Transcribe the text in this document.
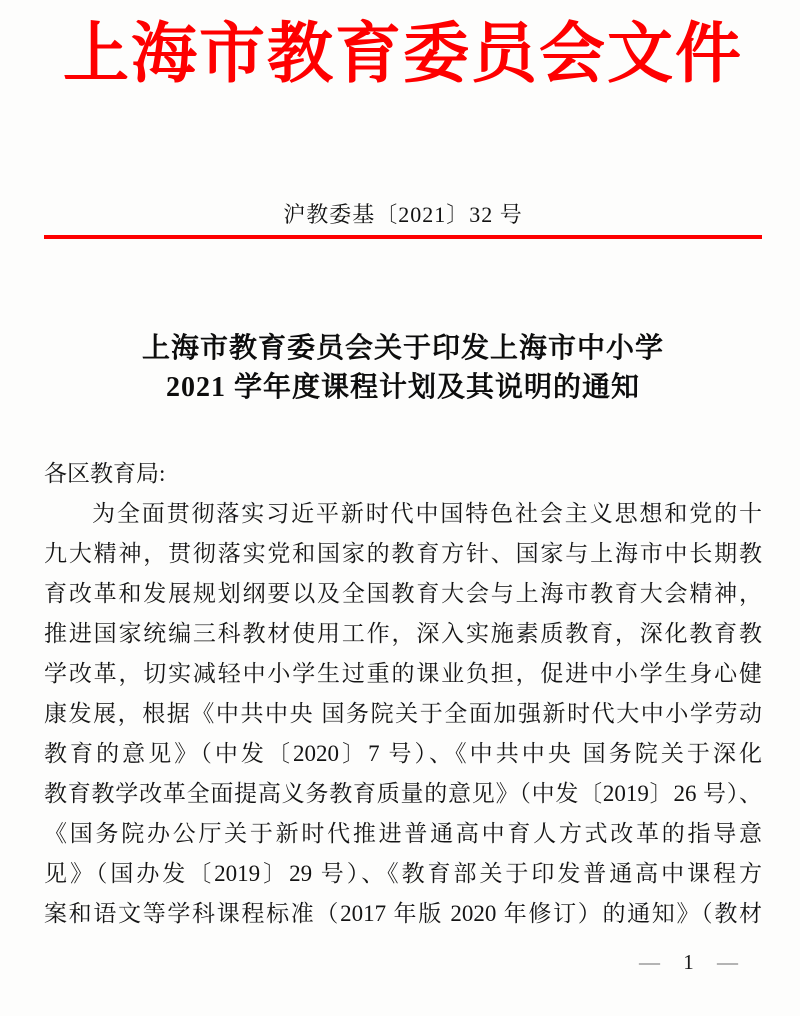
上海市教育委员会文件
沪教委基〔2021〕32 号
上海市教育委员会关于印发上海市中小学
2021 学年度课程计划及其说明的通知
各区教育局:
为全面贯彻落实习近平新时代中国特色社会主义思想和党的十
九大精神，贯彻落实党和国家的教育方针、国家与上海市中长期教
育改革和发展规划纲要以及全国教育大会与上海市教育大会精神，
推进国家统编三科教材使用工作，深入实施素质教育，深化教育教
学改革，切实减轻中小学生过重的课业负担，促进中小学生身心健
康发展，根据《中共中央 国务院关于全面加强新时代大中小学劳动
教育的意见》（中发〔2020〕7 号）、《中共中央 国务院关于深化
教育教学改革全面提高义务教育质量的意见》（中发〔2019〕26 号）、
《国务院办公厅关于新时代推进普通高中育人方式改革的指导意
见》（国办发〔2019〕29 号）、《教育部关于印发普通高中课程方
案和语文等学科课程标准（2017 年版 2020 年修订）的通知》（教材
— 1 —
